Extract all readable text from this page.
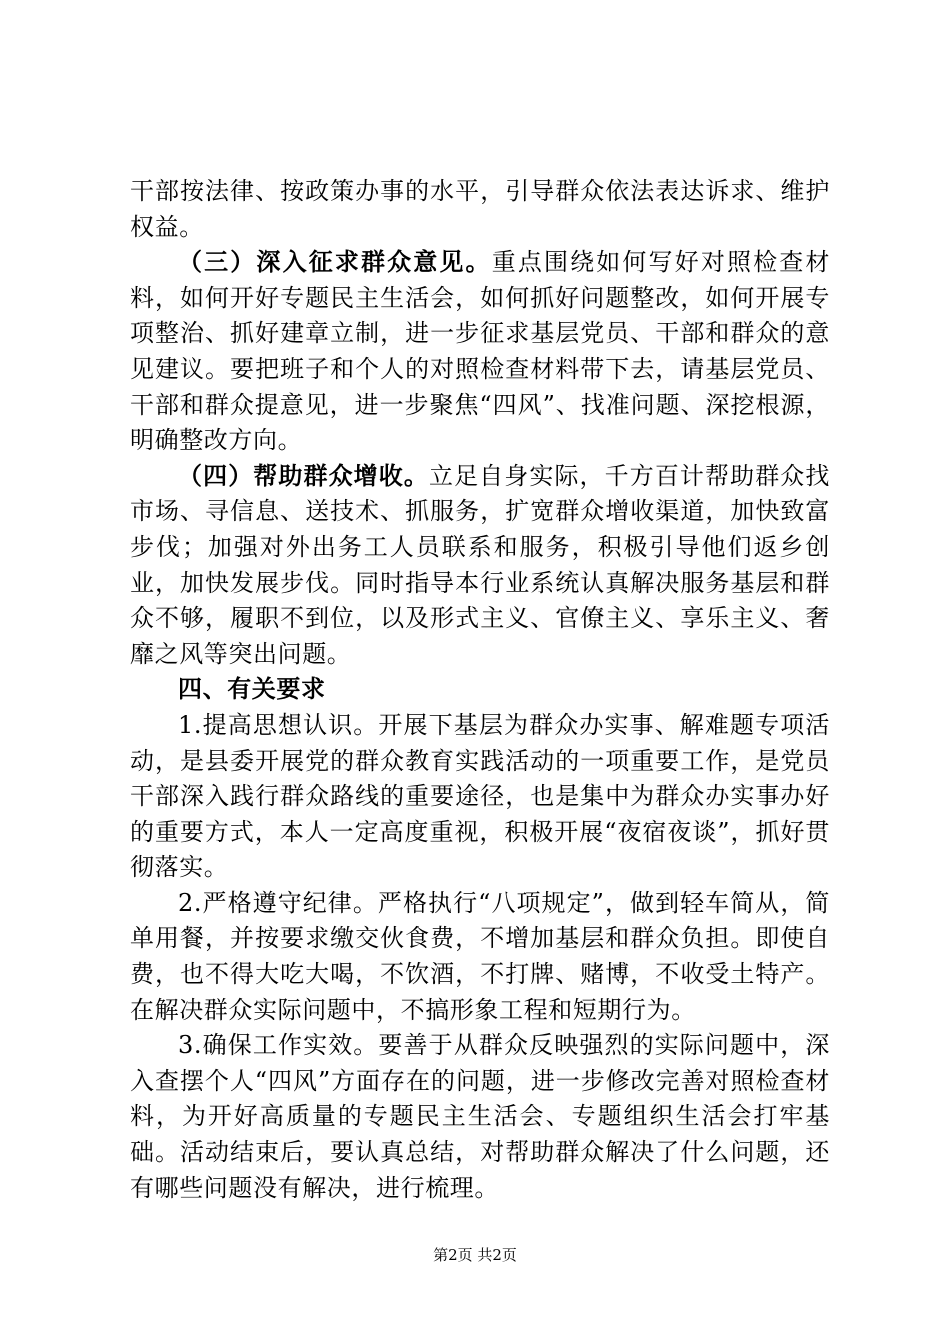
干部按法律、按政策办事的水平，引导群众依法表达诉求、维护权益。

（三）深入征求群众意见。重点围绕如何写好对照检查材料，如何开好专题民主生活会，如何抓好问题整改，如何开展专项整治、抓好建章立制，进一步征求基层党员、干部和群众的意见建议。要把班子和个人的对照检查材料带下去，请基层党员、干部和群众提意见，进一步聚焦“四风”、找准问题、深挖根源，明确整改方向。

（四）帮助群众增收。立足自身实际，千方百计帮助群众找市场、寻信息、送技术、抓服务，扩宽群众增收渠道，加快致富步伐；加强对外出务工人员联系和服务，积极引导他们返乡创业，加快发展步伐。同时指导本行业系统认真解决服务基层和群众不够，履职不到位，以及形式主义、官僚主义、享乐主义、奢靡之风等突出问题。

四、有关要求

1.提高思想认识。开展下基层为群众办实事、解难题专项活动，是县委开展党的群众教育实践活动的一项重要工作，是党员干部深入践行群众路线的重要途径，也是集中为群众办实事办好的重要方式，本人一定高度重视，积极开展“夜宿夜谈”，抓好贯彻落实。

2.严格遵守纪律。严格执行“八项规定”，做到轻车简从，简单用餐，并按要求缴交伙食费，不增加基层和群众负担。即使自费，也不得大吃大喝，不饮酒，不打牌、赌博，不收受土特产。在解决群众实际问题中，不搞形象工程和短期行为。

3.确保工作实效。要善于从群众反映强烈的实际问题中，深入查摆个人“四风”方面存在的问题，进一步修改完善对照检查材料，为开好高质量的专题民主生活会、专题组织生活会打牢基础。活动结束后，要认真总结，对帮助群众解决了什么问题，还有哪些问题没有解决，进行梳理。

第2页 共2页
